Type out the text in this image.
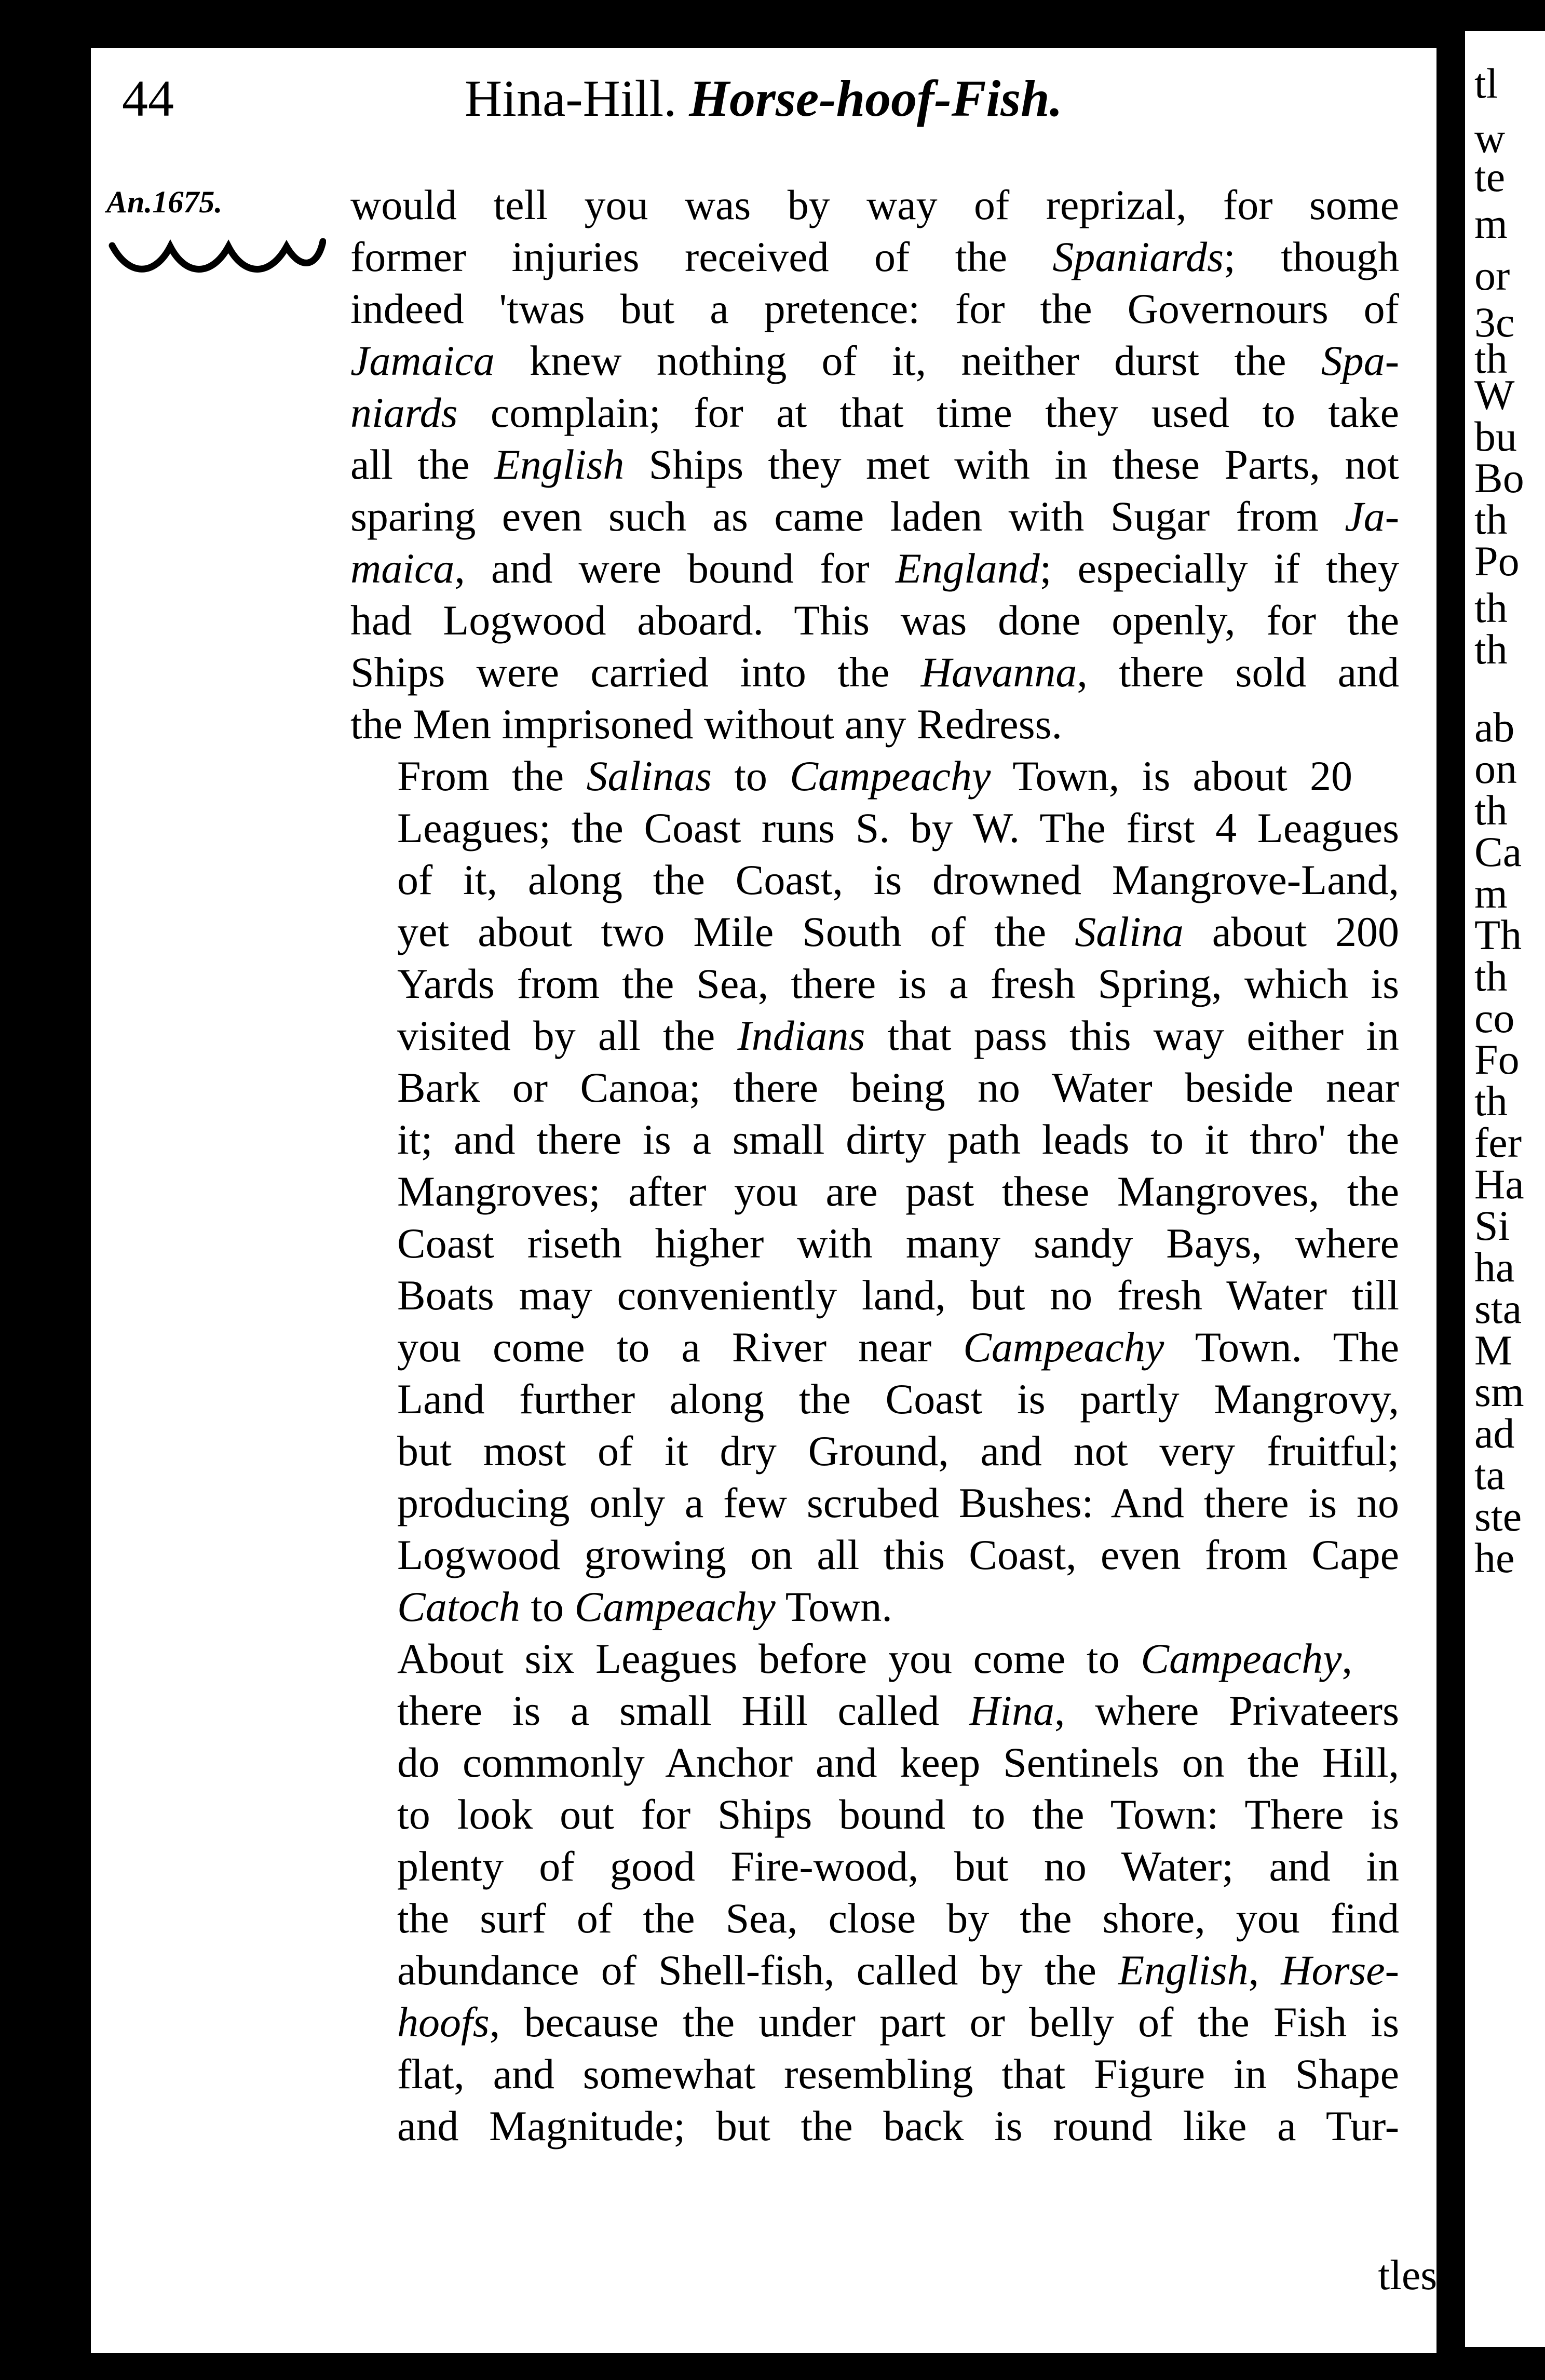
44	Hina-Hill. Horse-hoof-Fish.
An.1675.	would tell you was by way of reprizal, for some
former injuries received of the Spaniards; though
indeed 'twas but a pretence: for the Governours of
Jamaica knew nothing of it, neither durst the Spa-
niards complain; for at that time they used to take
all the English Ships they met with in these Parts, not
sparing even such as came laden with Sugar from Ja-
maica, and were bound for England; especially if they
had Logwood aboard. This was done openly, for the
Ships were carried into the Havanna, there sold and
the Men imprisoned without any Redress.

From the Salinas to Campeachy Town, is about 20
Leagues; the Coast runs S. by W. The first 4 Leagues
of it, along the Coast, is drowned Mangrove-Land,
yet about two Mile South of the Salina about 200
Yards from the Sea, there is a fresh Spring, which is
visited by all the Indians that pass this way either in
Bark or Canoa; there being no Water beside near
it; and there is a small dirty path leads to it thro' the
Mangroves; after you are past these Mangroves, the
Coast riseth higher with many sandy Bays, where
Boats may conveniently land, but no fresh Water till
you come to a River near Campeachy Town. The
Land further along the Coast is partly Mangrovy,
but most of it dry Ground, and not very fruitful;
producing only a few scrubed Bushes: And there is no
Logwood growing on all this Coast, even from Cape
Catoch to Campeachy Town.

About six Leagues before you come to Campeachy,
there is a small Hill called Hina, where Privateers
do commonly Anchor and keep Sentinels on the Hill,
to look out for Ships bound to the Town: There is
plenty of good Fire-wood, but no Water; and in
the surf of the Sea, close by the shore, you find
abundance of Shell-fish, called by the English, Horse-
hoofs, because the under part or belly of the Fish is
flat, and somewhat resembling that Figure in Shape
and Magnitude; but the back is round like a Tur-

tles;
tl
w
te
m
or
3c
th
W
bu
Bo
th
Po
th
th
ab
on
th
Ca
m
Th
th
co
Fo
th
fer
Ha
Si
ha
sta
M
sm
ad
ta
ste
he
